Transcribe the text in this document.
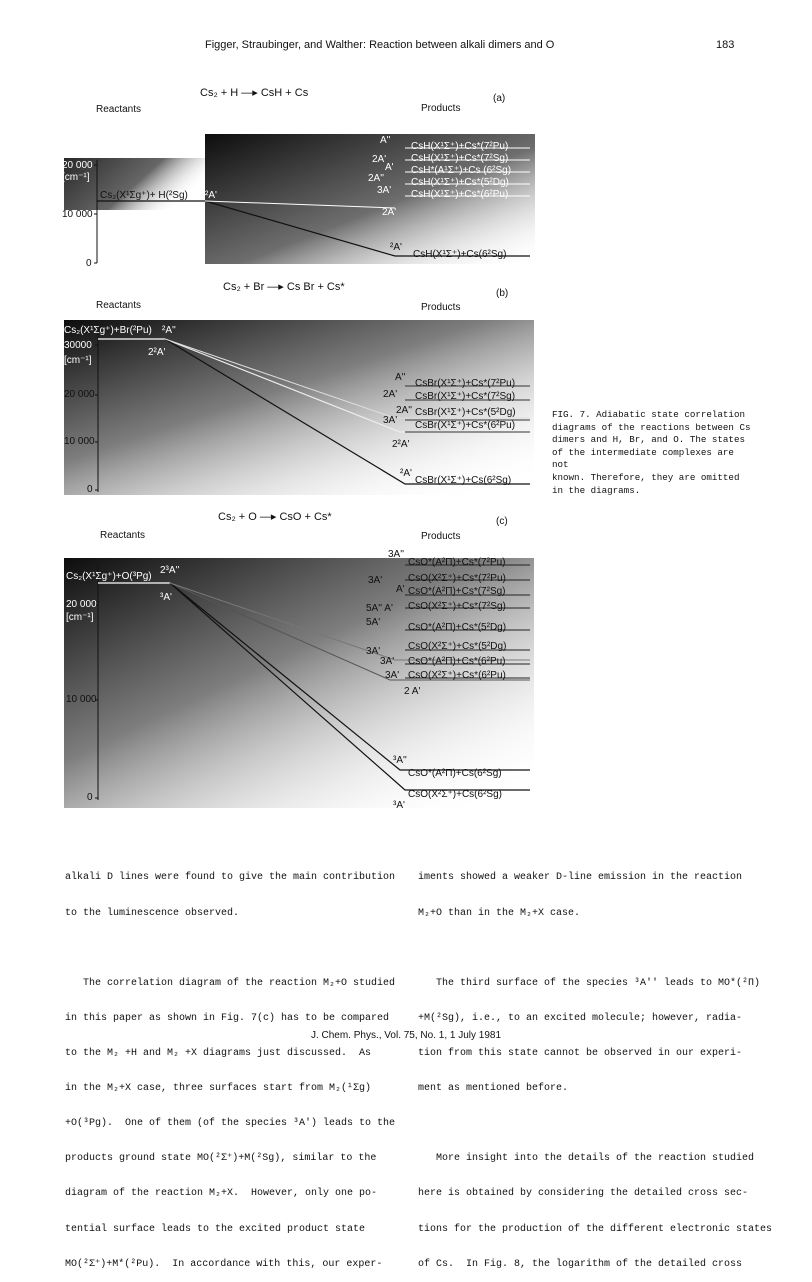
Figger, Straubinger, and Walther: Reaction between alkali dimers and O	183
Cs₂ + H —▸ CsH + Cs	(a)
Reactants	Products
20 000
[cm⁻¹]
10 000
0
Cs₂(X¹Σg⁺)+ H(²Sg) ²A'
A''
CsH(X¹Σ⁺)+Cs*(7²Pu)
2A' CsH(X¹Σ⁺)+Cs*(7²Sg)
A' CsH*(A¹Σ⁺)+Cs (6²Sg)
2A''	CsH(X¹Σ⁺)+Cs*(5²Dg)
3A' CsH(X¹Σ⁺)+Cs*(6²Pu)
2A'
²A'
CsH(X¹Σ⁺)+Cs(6²Sg)
Cs₂ + Br —▸ Cs Br + Cs*
(b)
Reactants	Products
Cs₂(X¹Σg⁺)+Br(²Pu) ²A''
2²A'
30000
[cm⁻¹]
20 000
10 000
0
A''
CsBr(X¹Σ⁺)+Cs*(7²Pu)
2A' CsBr(X¹Σ⁺)+Cs*(7²Sg)
2A'' CsBr(X¹Σ⁺)+Cs*(5²Dg)
3A' CsBr(X¹Σ⁺)+Cs*(6²Pu)
2²A'
²A'
CsBr(X¹Σ⁺)+Cs(6²Sg)
FIG. 7. Adiabatic state correlation
diagrams of the reactions between Cs
dimers and H, Br, and O. The states
of the intermediate complexes are not
known. Therefore, they are omitted
in the diagrams.
Cs₂ + O —▸ CsO + Cs*	(c)
Reactants	Products
Cs₂(X¹Σg⁺)+O(³Pg)
2³A''
³A'
20 000
[cm⁻¹]
10 000
0
3A''
CsO*(A²Π)+Cs*(7²Pu)
3A'	CsO(X²Σ⁺)+Cs*(7²Pu)
A' CsO*(A²Π)+Cs*(7²Sg)
5A'' A' CsO(X²Σ⁺)+Cs*(7²Sg)
5A'	CsO*(A²Π)+Cs*(5²Dg)
3A'	CsO(X²Σ⁺)+Cs*(5²Dg)
3A' CsO*(A²Π)+Cs*(6²Pu)
3A' CsO(X²Σ⁺)+Cs*(6²Pu)
2 A'
³A''
CsO*(A²Π)+Cs(6²Sg)
³A'
CsO(X²Σ⁺)+Cs(6²Sg)

alkali D lines were found to give the main contribution

to the luminescence observed.

The correlation diagram of the reaction M₂+O studied

in this paper as shown in Fig. 7(c) has to be compared

to the M₂ +H and M₂ +X diagrams just discussed.  As

in the M₂+X case, three surfaces start from M₂(¹Σg)

+O(³Pg).  One of them (of the species ³A') leads to the

products ground state MO(²Σ⁺)+M(²Sg), similar to the

diagram of the reaction M₂+X.  However, only one po-

tential surface leads to the excited product state

MO(²Σ⁺)+M*(²Pu).  In accordance with this, our exper-

iments showed a weaker D-line emission in the reaction

M₂+O than in the M₂+X case.

The third surface of the species ³A'' leads to MO*(²Π)

+M(²Sg), i.e., to an excited molecule; however, radia-

tion from this state cannot be observed in our experi-

ment as mentioned before.

More insight into the details of the reaction studied

here is obtained by considering the detailed cross sec-

tions for the production of the different electronic states

of Cs.  In Fig. 8, the logarithm of the detailed cross

J. Chem. Phys., Vol. 75, No. 1, 1 July 1981
